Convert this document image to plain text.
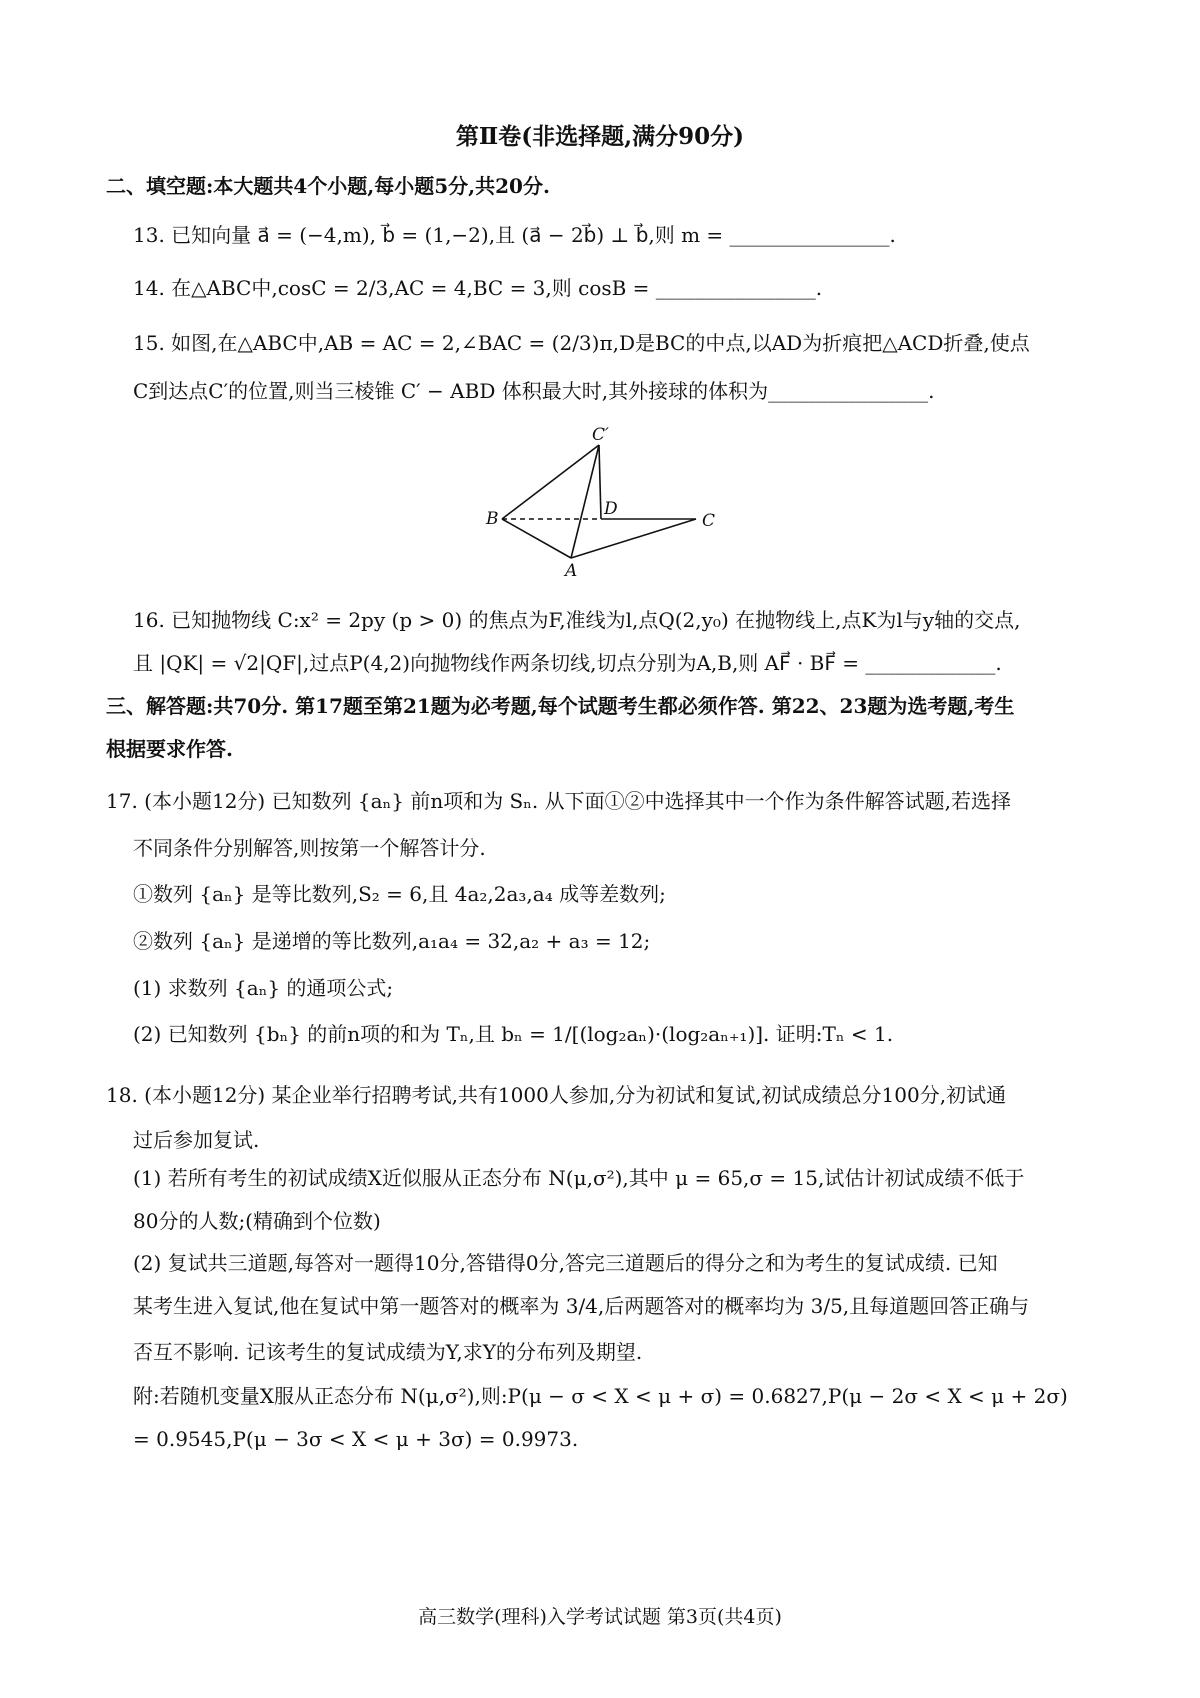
第Ⅱ卷(非选择题,满分90分)
二、填空题:本大题共4个小题,每小题5分,共20分.
13. 已知向量 a⃗ = (−4,m), b⃗ = (1,−2),且 (a⃗ − 2b⃗) ⊥ b⃗,则 m = ________________.
14. 在△ABC中,cosC = 2/3,AC = 4,BC = 3,则 cosB = ________________.
15. 如图,在△ABC中,AB = AC = 2,∠BAC = (2/3)π,D是BC的中点,以AD为折痕把△ACD折叠,使点
C到达点C′的位置,则当三棱锥 C′ − ABD 体积最大时,其外接球的体积为________________.
C′
B	D
C
A
16. 已知抛物线 C:x² = 2py (p > 0) 的焦点为F,准线为l,点Q(2,y₀) 在抛物线上,点K为l与y轴的交点,
且 |QK| = √2|QF|,过点P(4,2)向抛物线作两条切线,切点分别为A,B,则 AF⃗ · BF⃗ = _____________.
三、解答题:共70分. 第17题至第21题为必考题,每个试题考生都必须作答. 第22、23题为选考题,考生
根据要求作答.
17. (本小题12分) 已知数列 {aₙ} 前n项和为 Sₙ. 从下面①②中选择其中一个作为条件解答试题,若选择
不同条件分别解答,则按第一个解答计分.
①数列 {aₙ} 是等比数列,S₂ = 6,且 4a₂,2a₃,a₄ 成等差数列;
②数列 {aₙ} 是递增的等比数列,a₁a₄ = 32,a₂ + a₃ = 12;
(1) 求数列 {aₙ} 的通项公式;
(2) 已知数列 {bₙ} 的前n项的和为 Tₙ,且 bₙ = 1/[(log₂aₙ)·(log₂aₙ₊₁)]. 证明:Tₙ < 1.
18. (本小题12分) 某企业举行招聘考试,共有1000人参加,分为初试和复试,初试成绩总分100分,初试通
过后参加复试.
(1) 若所有考生的初试成绩X近似服从正态分布 N(μ,σ²),其中 μ = 65,σ = 15,试估计初试成绩不低于
80分的人数;(精确到个位数)
(2) 复试共三道题,每答对一题得10分,答错得0分,答完三道题后的得分之和为考生的复试成绩. 已知
某考生进入复试,他在复试中第一题答对的概率为 3/4,后两题答对的概率均为 3/5,且每道题回答正确与
否互不影响. 记该考生的复试成绩为Y,求Y的分布列及期望.
附:若随机变量X服从正态分布 N(μ,σ²),则:P(μ − σ < X < μ + σ) = 0.6827,P(μ − 2σ < X < μ + 2σ)
= 0.9545,P(μ − 3σ < X < μ + 3σ) = 0.9973.
高三数学(理科)入学考试试题 第3页(共4页)
